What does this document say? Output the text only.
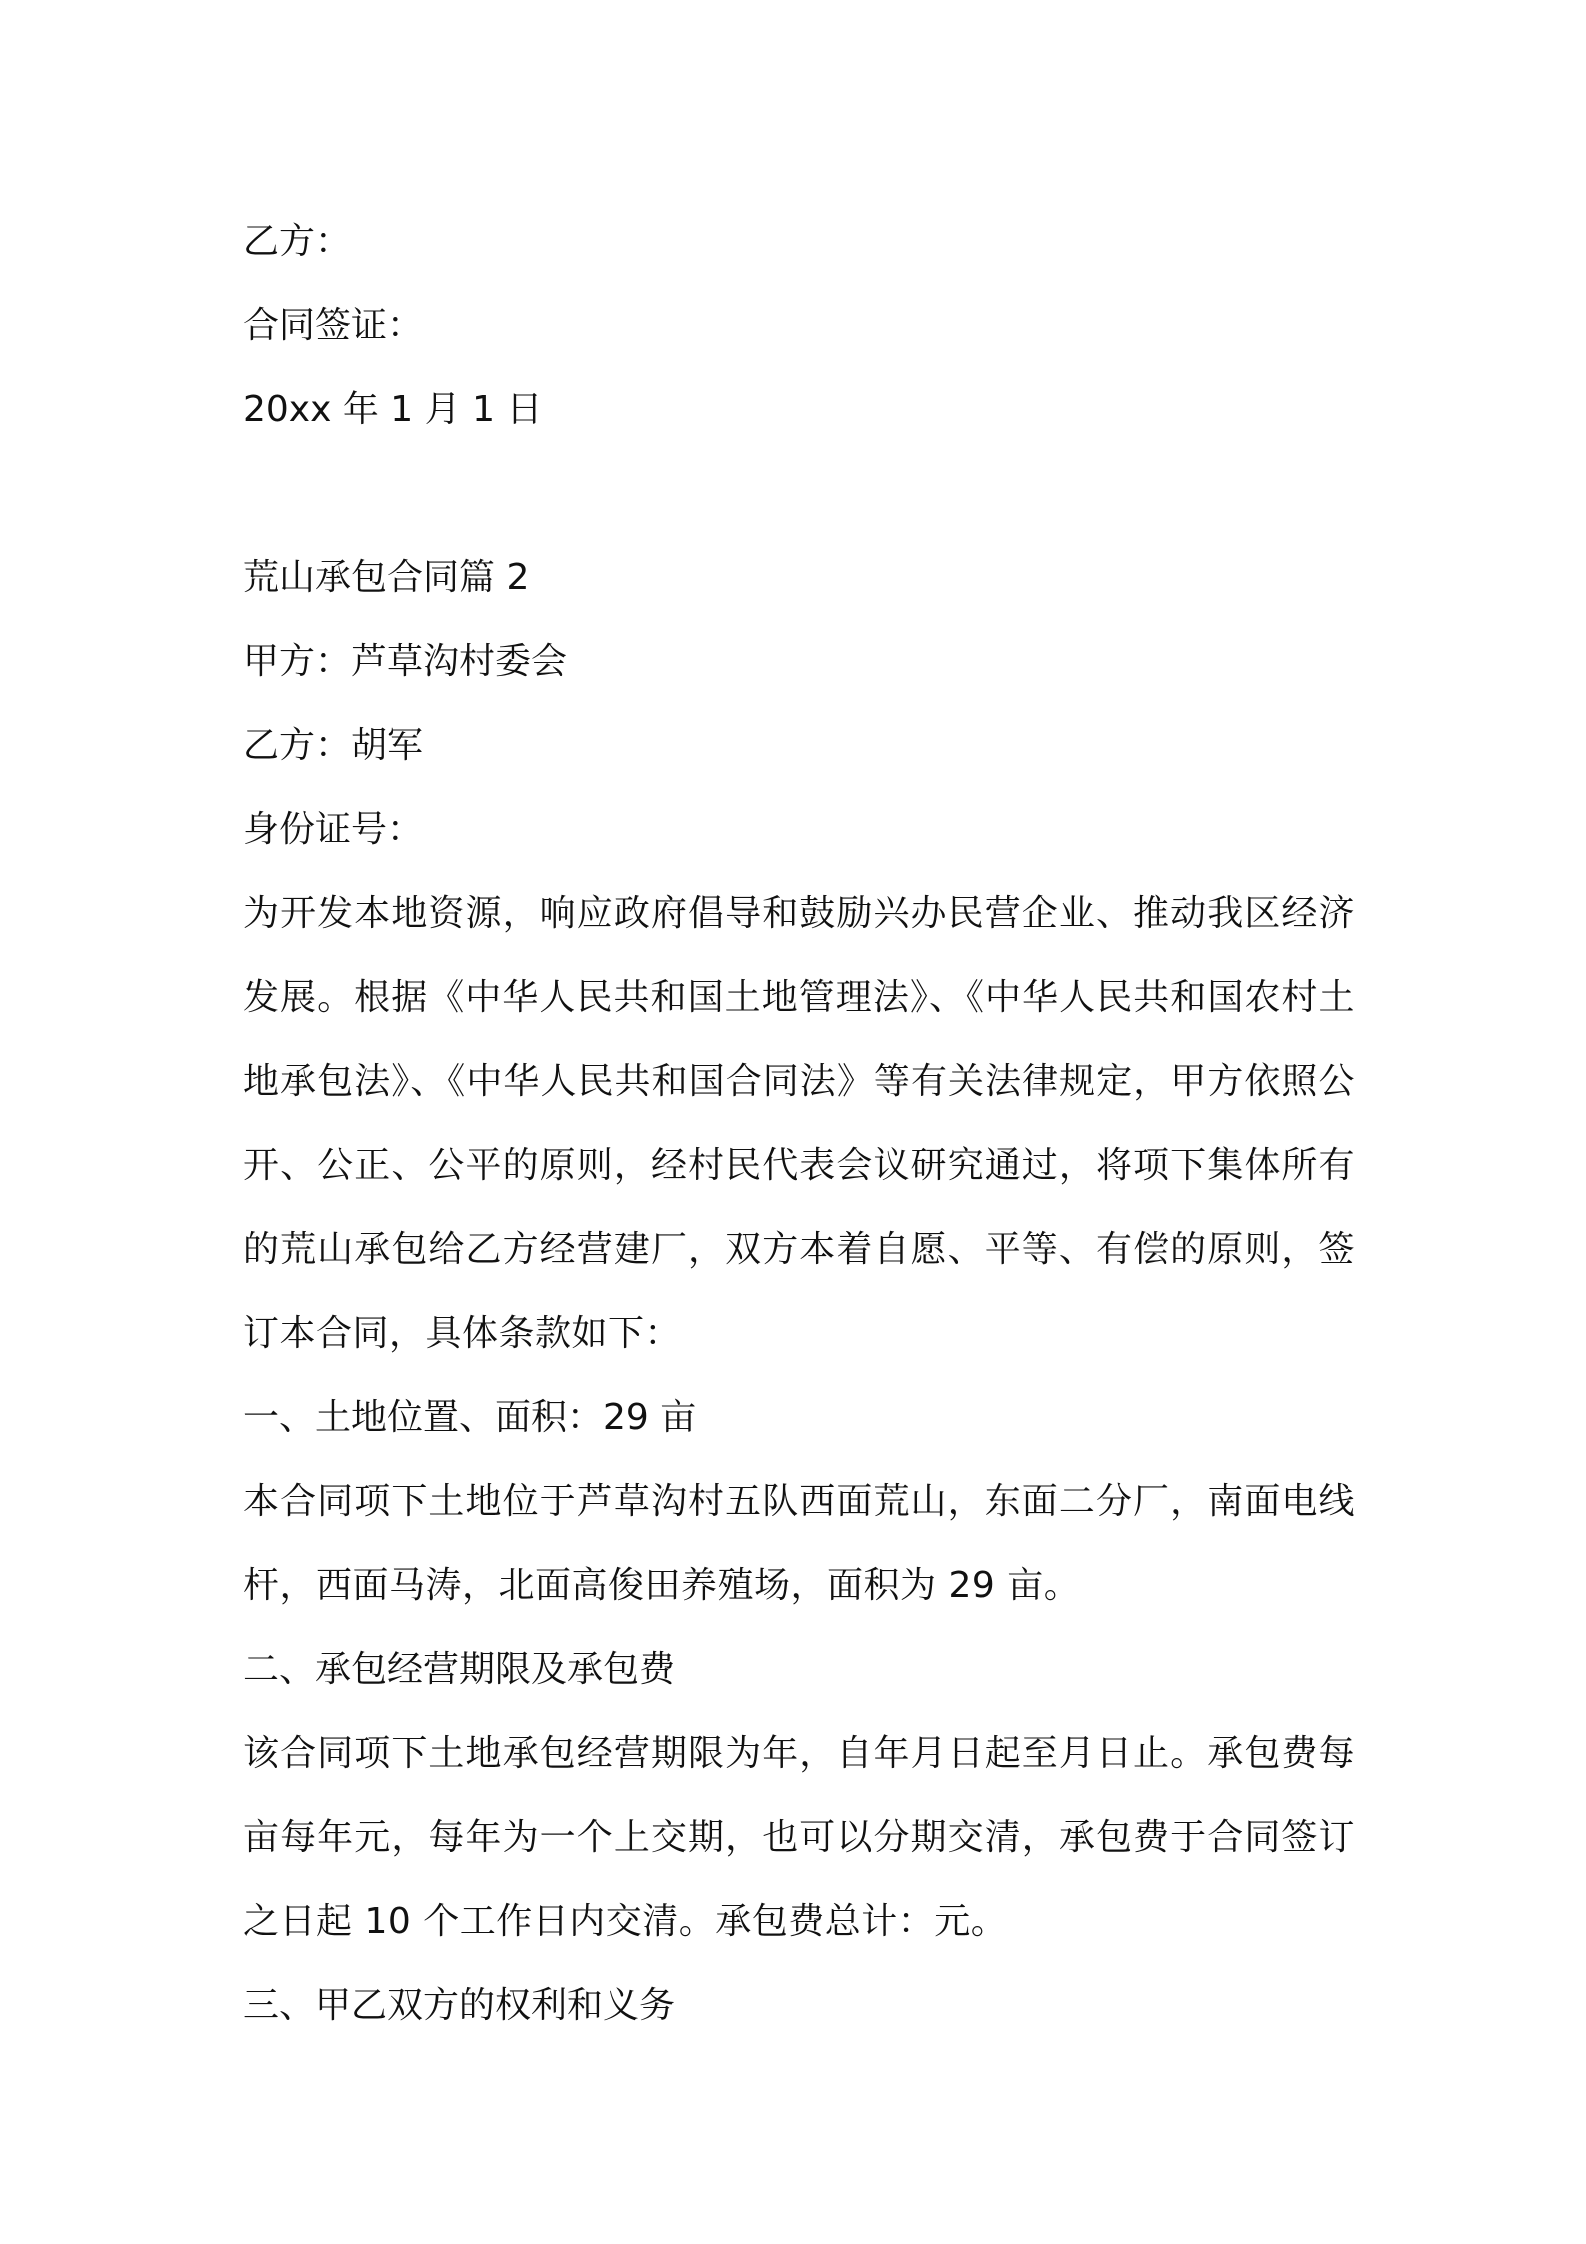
乙方：

合同签证：

20xx 年 1 月 1 日

荒山承包合同篇 2

甲方：芦草沟村委会

乙方：胡军

身份证号：

为开发本地资源，响应政府倡导和鼓励兴办民营企业、推动我区经济发展。根据《中华人民共和国土地管理法》、《中华人民共和国农村土地承包法》、《中华人民共和国合同法》等有关法律规定，甲方依照公开、公正、公平的原则，经村民代表会议研究通过，将项下集体所有的荒山承包给乙方经营建厂，双方本着自愿、平等、有偿的原则，签订本合同，具体条款如下：

一、土地位置、面积：29 亩

本合同项下土地位于芦草沟村五队西面荒山，东面二分厂，南面电线杆，西面马涛，北面高俊田养殖场，面积为 29 亩。

二、承包经营期限及承包费

该合同项下土地承包经营期限为年，自年月日起至月日止。承包费每亩每年元，每年为一个上交期，也可以分期交清，承包费于合同签订之日起 10 个工作日内交清。承包费总计：元。

三、甲乙双方的权利和义务
